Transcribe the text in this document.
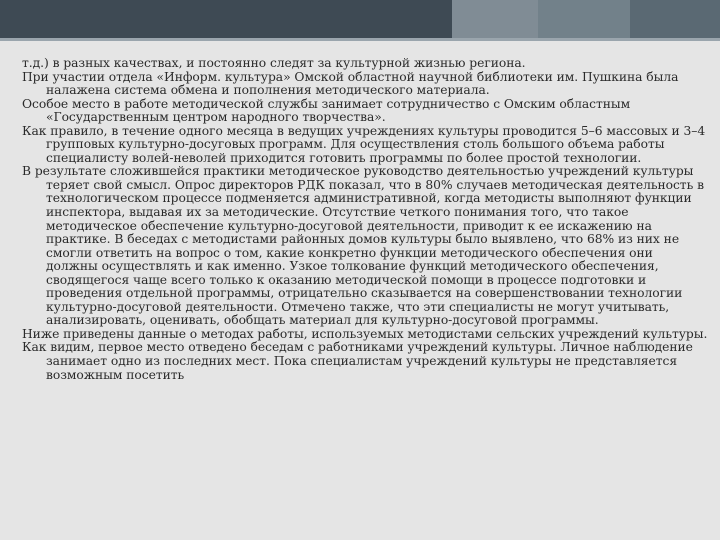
т.д.) в разных качествах, и постоянно следят за культурной жизнью региона.

При участии отдела «Информ. культура» Омской областной научной библиотеки им. Пушкина была налажена система обмена и пополнения методического материала.

Особое место в работе методической службы занимает сотрудничество с Омским областным «Государственным центром народного творчества».

Как правило, в течение одного месяца в ведущих учреждениях культуры проводится 5–6 массовых и 3–4 групповых культурно-досуговых программ. Для осуществления столь большого объема работы специалисту волей-неволей приходится готовить программы по более простой технологии.

В результате сложившейся практики методическое руководство деятельностью учреждений культуры теряет свой смысл. Опрос директоров РДК показал, что в 80% случаев методическая деятельность в технологическом процессе подменяется административной, когда методисты выполняют функции инспектора, выдавая их за методические. Отсутствие четкого понимания того, что такое методическое обеспечение культурно-досуговой деятельности, приводит к ее искажению на практике. В беседах с методистами районных домов культуры было выявлено, что 68% из них не смогли ответить на вопрос о том, какие конкретно функции методического обеспечения они должны осуществлять и как именно. Узкое толкование функций методического обеспечения, сводящегося чаще всего только к оказанию методической помощи в процессе подготовки и проведения отдельной программы, отрицательно сказывается на совершенствовании технологии культурно-досуговой деятельности. Отмечено также, что эти специалисты не могут учитывать, анализировать, оценивать, обобщать материал для культурно-досуговой программы.

Ниже приведены данные о методах работы, используемых методистами сельских учреждений культуры.

Как видим, первое место отведено беседам с работниками учреждений культуры. Личное наблюдение занимает одно из последних мест. Пока специалистам учреждений культуры не представляется возможным посетить
